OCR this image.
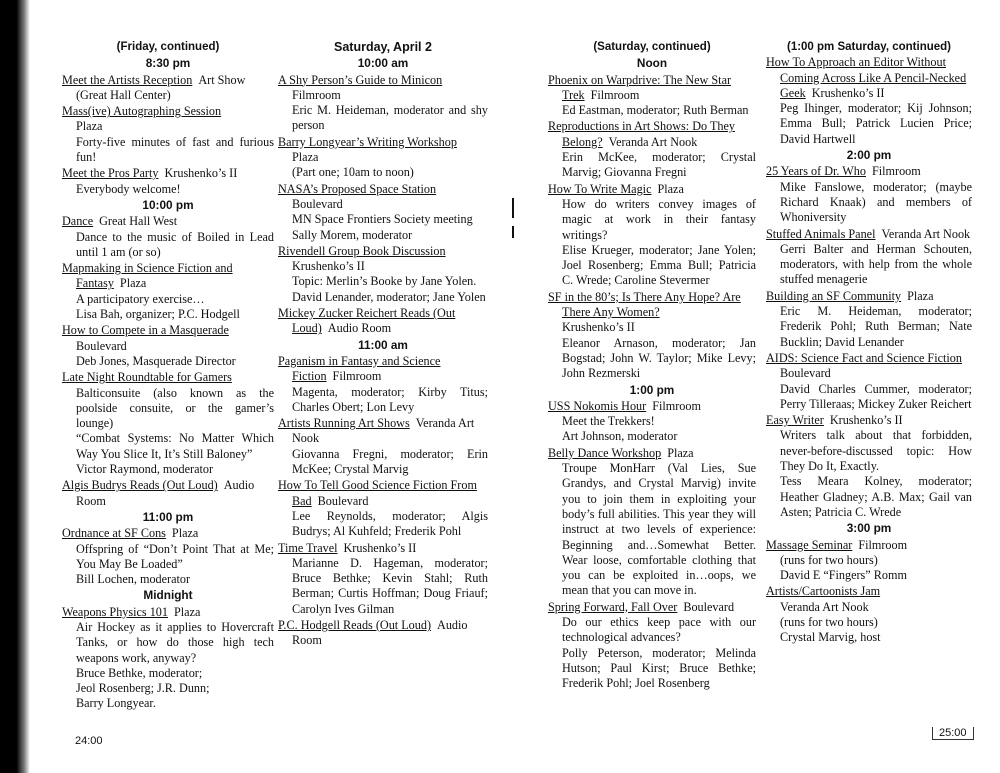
(Friday, continued)
8:30 pm
Meet the Artists Reception Art Show
(Great Hall Center)
Mass(ive) Autographing Session
Plaza
Forty-five minutes of fast and furious fun!
Meet the Pros Party Krushenko’s II
Everybody welcome!
10:00 pm
Dance Great Hall West
Dance to the music of Boiled in Lead until 1 am (or so)
Mapmaking in Science Fiction and Fantasy Plaza
A participatory exercise…
Lisa Bah, organizer; P.C. Hodgell
How to Compete in a Masquerade
Boulevard
Deb Jones, Masquerade Director
Late Night Roundtable for Gamers
Balticonsuite (also known as the poolside consuite, or the gamer’s lounge)
“Combat Systems: No Matter Which Way You Slice It, It’s Still Baloney”
Victor Raymond, moderator
Algis Budrys Reads (Out Loud) Audio Room
11:00 pm
Ordnance at SF Cons Plaza
Offspring of “Don’t Point That at Me; You May Be Loaded”
Bill Lochen, moderator
Midnight
Weapons Physics 101 Plaza
Air Hockey as it applies to Hovercraft Tanks, or how do those high tech weapons work, anyway?
Bruce Bethke, moderator;
Jeol Rosenberg; J.R. Dunn;
Barry Longyear.
Saturday, April 2
10:00 am
A Shy Person’s Guide to Minicon
Filmroom
Eric M. Heideman, moderator and shy person
Barry Longyear’s Writing Workshop
Plaza
(Part one; 10am to noon)
NASA’s Proposed Space Station
Boulevard
MN Space Frontiers Society meeting
Sally Morem, moderator
Rivendell Group Book Discussion
Krushenko’s II
Topic: Merlin’s Booke by Jane Yolen.
David Lenander, moderator; Jane Yolen
Mickey Zucker Reichert Reads (Out Loud) Audio Room
11:00 am
Paganism in Fantasy and Science Fiction Filmroom
Magenta, moderator; Kirby Titus; Charles Obert; Lon Levy
Artists Running Art Shows Veranda Art Nook
Giovanna Fregni, moderator; Erin McKee; Crystal Marvig
How To Tell Good Science Fiction From Bad Boulevard
Lee Reynolds, moderator; Algis Budrys; Al Kuhfeld; Frederik Pohl
Time Travel Krushenko’s II
Marianne D. Hageman, moderator; Bruce Bethke; Kevin Stahl; Ruth Berman; Curtis Hoffman; Doug Friauf; Carolyn Ives Gilman
P.C. Hodgell Reads (Out Loud) Audio Room
(Saturday, continued)
Noon
Phoenix on Warpdrive: The New Star Trek Filmroom
Ed Eastman, moderator; Ruth Berman
Reproductions in Art Shows: Do They Belong? Veranda Art Nook
Erin McKee, moderator; Crystal Marvig; Giovanna Fregni
How To Write Magic Plaza
How do writers convey images of magic at work in their fantasy writings?
Elise Krueger, moderator; Jane Yolen; Joel Rosenberg; Emma Bull; Patricia C. Wrede; Caroline Stevermer
SF in the 80’s; Is There Any Hope? Are There Any Women?
Krushenko’s II
Eleanor Arnason, moderator; Jan Bogstad; John W. Taylor; Mike Levy; John Rezmerski
1:00 pm
USS Nokomis Hour Filmroom
Meet the Trekkers!
Art Johnson, moderator
Belly Dance Workshop Plaza
Troupe MonHarr (Val Lies, Sue Grandys, and Crystal Marvig) invite you to join them in exploiting your body’s full abilities. This year they will instruct at two levels of experience: Beginning and…Somewhat Better. Wear loose, comfortable clothing that you can be exploited in…oops, we mean that you can move in.
Spring Forward, Fall Over Boulevard
Do our ethics keep pace with our technological advances?
Polly Peterson, moderator; Melinda Hutson; Paul Kirst; Bruce Bethke; Frederik Pohl; Joel Rosenberg
(1:00 pm Saturday, continued)
How To Approach an Editor Without Coming Across Like A Pencil-Necked Geek Krushenko’s II
Peg Ihinger, moderator; Kij Johnson; Emma Bull; Patrick Lucien Price; David Hartwell
2:00 pm
25 Years of Dr. Who Filmroom
Mike Fanslowe, moderator; (maybe Richard Knaak) and members of Whoniversity
Stuffed Animals Panel Veranda Art Nook
Gerri Balter and Herman Schouten, moderators, with help from the whole stuffed menagerie
Building an SF Community Plaza
Eric M. Heideman, moderator; Frederik Pohl; Ruth Berman; Nate Bucklin; David Lenander
AIDS: Science Fact and Science Fiction
Boulevard
David Charles Cummer, moderator; Perry Tilleraas; Mickey Zuker Reichert
Easy Writer Krushenko’s II
Writers talk about that forbidden, never-before-discussed topic: How They Do It, Exactly.
Tess Meara Kolney, moderator; Heather Gladney; A.B. Max; Gail van Asten; Patricia C. Wrede
3:00 pm
Massage Seminar Filmroom
(runs for two hours)
David E “Fingers” Romm
Artists/Cartoonists Jam
Veranda Art Nook
(runs for two hours)
Crystal Marvig, host
24:00
25:00
